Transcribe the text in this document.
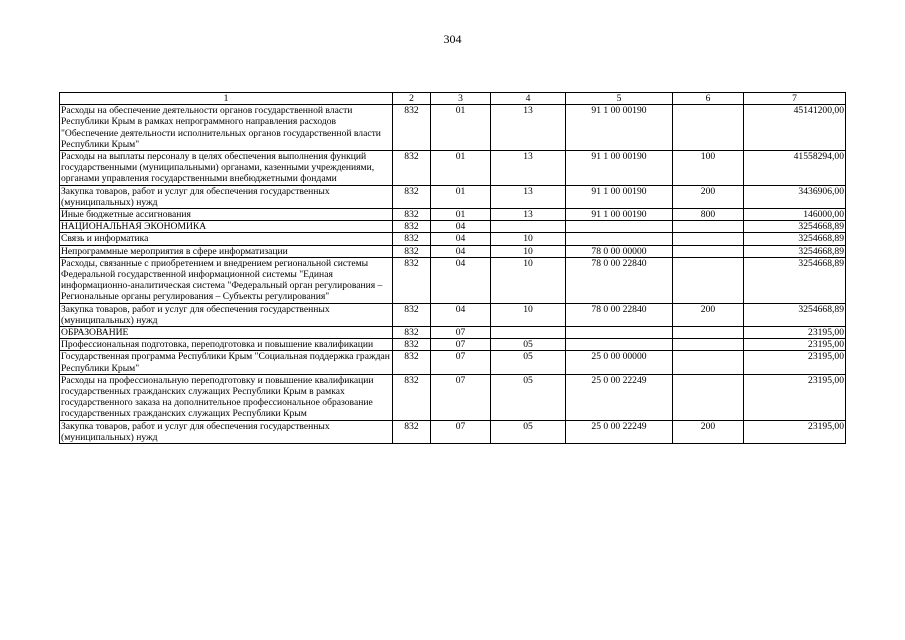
304
1	2	3	4	5	6	7
Расходы на обеспечение деятельности органов государственной власти Республики Крым в рамках непрограммного направления расходов "Обеспечение деятельности исполнительных органов государственной власти Республики Крым"	832	01	13	91 1 00 00190		45141200,00
Расходы на выплаты персоналу в целях обеспечения выполнения функций государственными (муниципальными) органами, казенными учреждениями, органами управления государственными внебюджетными фондами	832	01	13	91 1 00 00190	100	41558294,00
Закупка товаров, работ и услуг для обеспечения государственных (муниципальных) нужд	832	01	13	91 1 00 00190	200	3436906,00
Иные бюджетные ассигнования	832	01	13	91 1 00 00190	800	146000,00
НАЦИОНАЛЬНАЯ ЭКОНОМИКА	832	04				3254668,89
Связь и информатика	832	04	10			3254668,89
Непрограммные мероприятия в сфере информатизации	832	04	10	78 0 00 00000		3254668,89
Расходы, связанные с приобретением и внедрением региональной системы Федеральной государственной информационной системы "Единая информационно-аналитическая система "Федеральный орган регулирования – Региональные органы регулирования – Субъекты регулирования"	832	04	10	78 0 00 22840		3254668,89
Закупка товаров, работ и услуг для обеспечения государственных (муниципальных) нужд	832	04	10	78 0 00 22840	200	3254668,89
ОБРАЗОВАНИЕ	832	07				23195,00
Профессиональная подготовка, переподготовка и повышение квалификации	832	07	05			23195,00
Государственная программа Республики Крым "Социальная поддержка граждан Республики Крым"	832	07	05	25 0 00 00000		23195,00
Расходы на профессиональную переподготовку и повышение квалификации государственных гражданских служащих Республики Крым в рамках государственного заказа на дополнительное профессиональное образование государственных гражданских служащих Республики Крым	832	07	05	25 0 00 22249		23195,00
Закупка товаров, работ и услуг для обеспечения государственных (муниципальных) нужд	832	07	05	25 0 00 22249	200	23195,00
